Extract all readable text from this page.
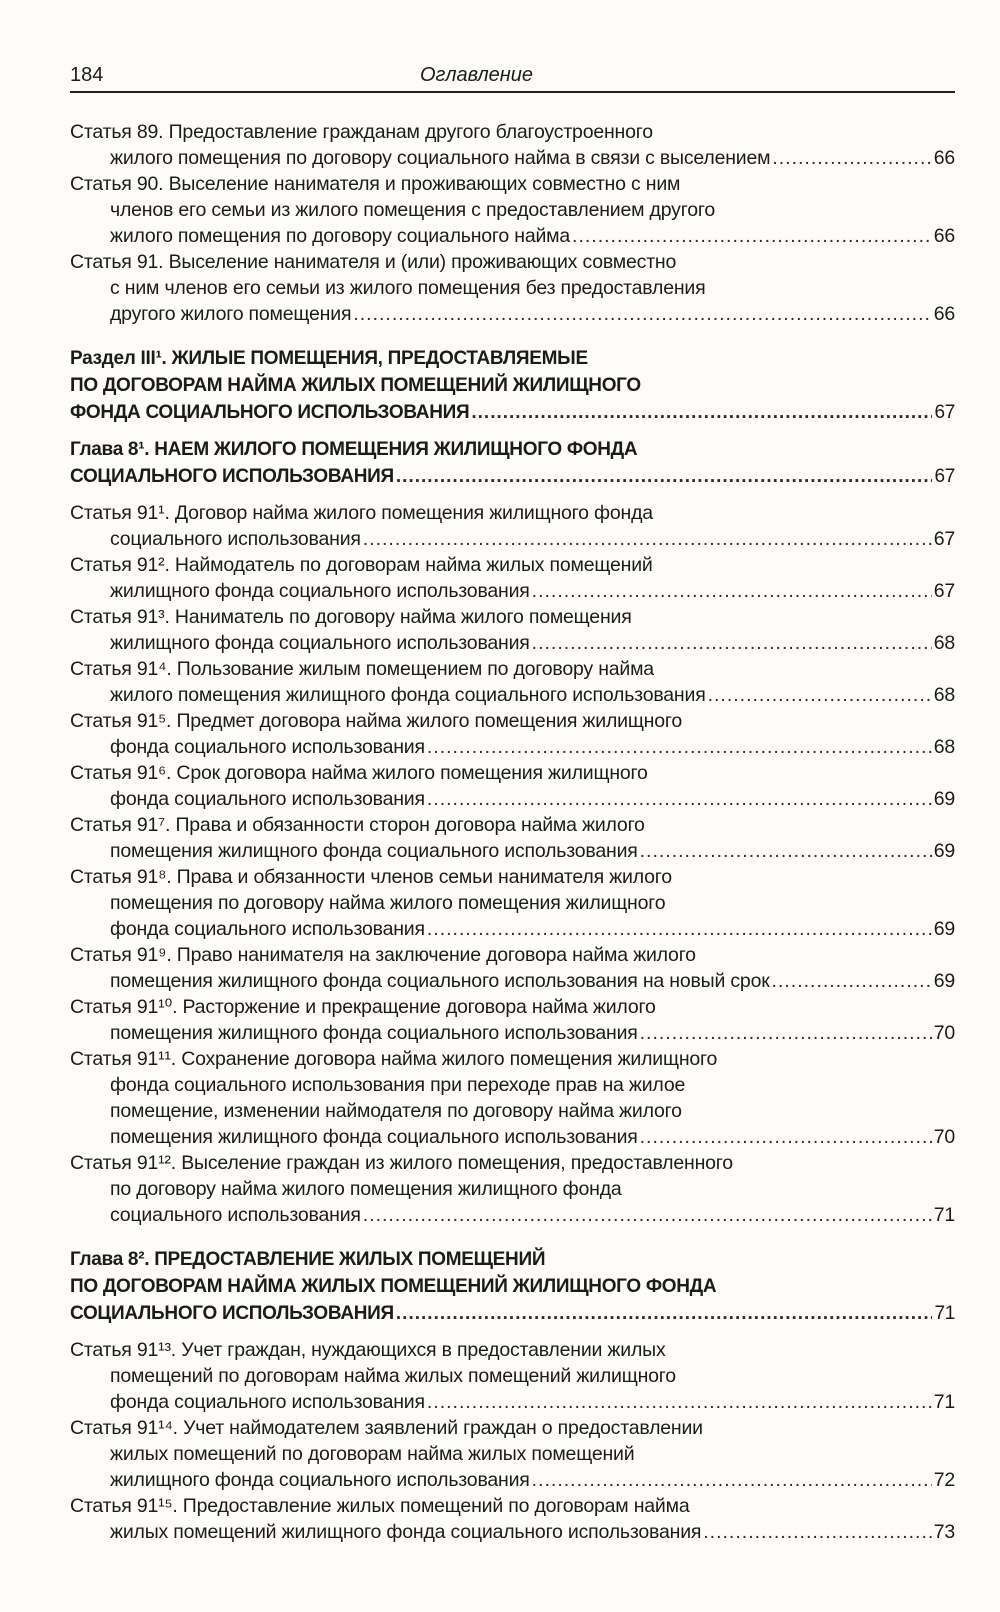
184	Оглавление
Статья 89. Предоставление гражданам другого благоустроенного
жилого помещения по договору социального найма в связи с выселением .....	66
Статья 90. Выселение нанимателя и проживающих совместно с ним
членов его семьи из жилого помещения с предоставлением другого
жилого помещения по договору социального найма .....	66
Статья 91. Выселение нанимателя и (или) проживающих совместно
с ним членов его семьи из жилого помещения без предоставления
другого жилого помещения .....	66
Раздел III¹. ЖИЛЫЕ ПОМЕЩЕНИЯ, ПРЕДОСТАВЛЯЕМЫЕ
ПО ДОГОВОРАМ НАЙМА ЖИЛЫХ ПОМЕЩЕНИЙ ЖИЛИЩНОГО
ФОНДА СОЦИАЛЬНОГО ИСПОЛЬЗОВАНИЯ .....	67
Глава 8¹. НАЕМ ЖИЛОГО ПОМЕЩЕНИЯ ЖИЛИЩНОГО ФОНДА
СОЦИАЛЬНОГО ИСПОЛЬЗОВАНИЯ .....	67
Статья 91¹. Договор найма жилого помещения жилищного фонда
социального использования .....	67
Статья 91². Наймодатель по договорам найма жилых помещений
жилищного фонда социального использования .....	67
Статья 91³. Наниматель по договору найма жилого помещения
жилищного фонда социального использования .....	68
Статья 91⁴. Пользование жилым помещением по договору найма
жилого помещения жилищного фонда социального использования .....	68
Статья 91⁵. Предмет договора найма жилого помещения жилищного
фонда социального использования .....	68
Статья 91⁶. Срок договора найма жилого помещения жилищного
фонда социального использования .....	69
Статья 91⁷. Права и обязанности сторон договора найма жилого
помещения жилищного фонда социального использования .....	69
Статья 91⁸. Права и обязанности членов семьи нанимателя жилого
помещения по договору найма жилого помещения жилищного
фонда социального использования .....	69
Статья 91⁹. Право нанимателя на заключение договора найма жилого
помещения жилищного фонда социального использования на новый срок .....	69
Статья 91¹⁰. Расторжение и прекращение договора найма жилого
помещения жилищного фонда социального использования .....	70
Статья 91¹¹. Сохранение договора найма жилого помещения жилищного
фонда социального использования при переходе прав на жилое
помещение, изменении наймодателя по договору найма жилого
помещения жилищного фонда социального использования .....	70
Статья 91¹². Выселение граждан из жилого помещения, предоставленного
по договору найма жилого помещения жилищного фонда
социального использования .....	71
Глава 8². ПРЕДОСТАВЛЕНИЕ ЖИЛЫХ ПОМЕЩЕНИЙ
ПО ДОГОВОРАМ НАЙМА ЖИЛЫХ ПОМЕЩЕНИЙ ЖИЛИЩНОГО ФОНДА
СОЦИАЛЬНОГО ИСПОЛЬЗОВАНИЯ .....	71
Статья 91¹³. Учет граждан, нуждающихся в предоставлении жилых
помещений по договорам найма жилых помещений жилищного
фонда социального использования .....	71
Статья 91¹⁴. Учет наймодателем заявлений граждан о предоставлении
жилых помещений по договорам найма жилых помещений
жилищного фонда социального использования .....	72
Статья 91¹⁵. Предоставление жилых помещений по договорам найма
жилых помещений жилищного фонда социального использования .....	73
